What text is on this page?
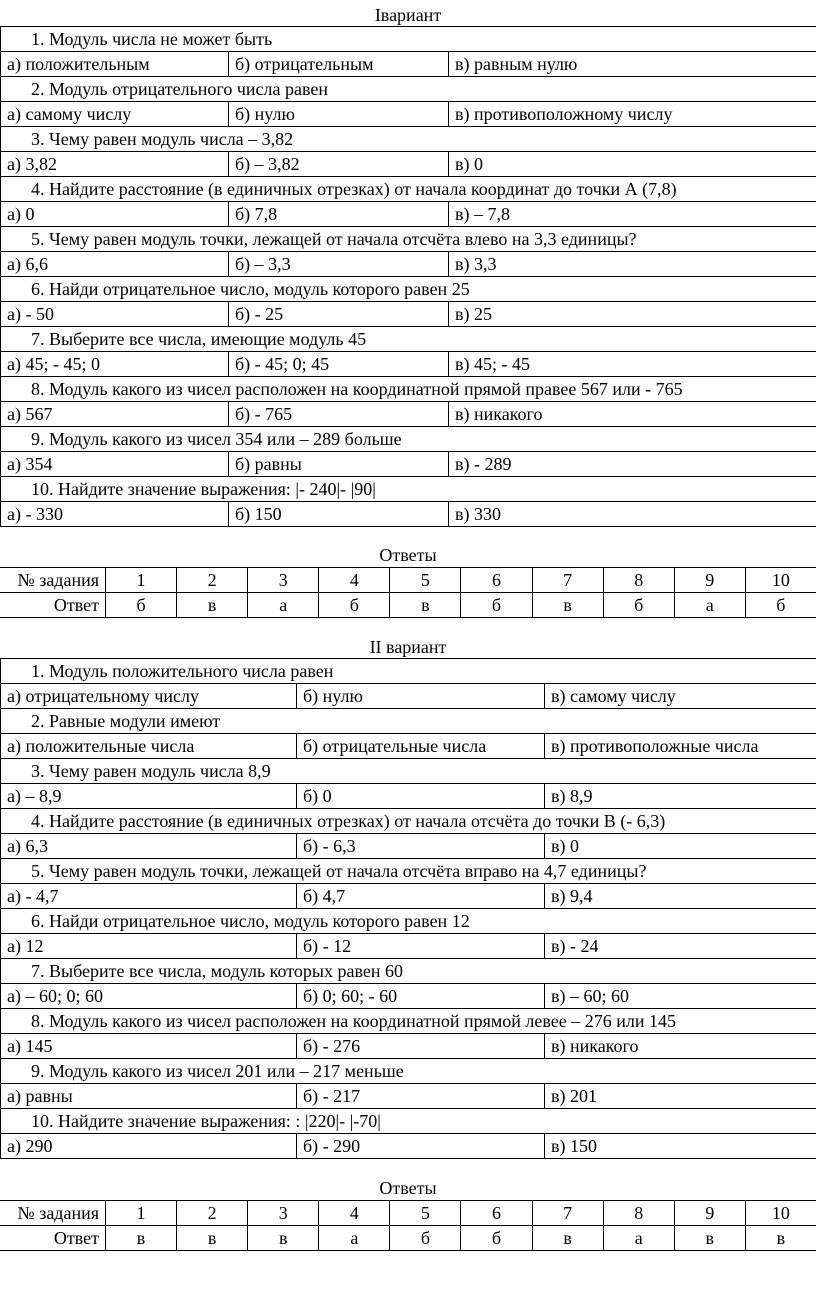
Iвариант
1. Модуль числа не может быть		
а) положительным	б) отрицательным	в) равным нулю
2. Модуль отрицательного числа равен		
а) самому числу	б) нулю	в) противоположному числу
3. Чему равен модуль числа – 3,82		
а) 3,82	б) – 3,82	в) 0
4. Найдите расстояние (в единичных отрезках) от начала координат до точки А (7,8)		
а) 0	б) 7,8	в) – 7,8
5. Чему равен модуль точки, лежащей от начала отсчёта влево на 3,3 единицы?		
а) 6,6	б) – 3,3	в) 3,3
6. Найди отрицательное число, модуль которого равен 25		
а) - 50	б) - 25	в) 25
7. Выберите все числа, имеющие модуль 45		
а) 45; - 45; 0	б) - 45; 0; 45	в) 45; - 45
8. Модуль какого из чисел расположен на координатной прямой правее 567 или - 765		
а) 567	б) - 765	в) никакого
9. Модуль какого из чисел 354 или – 289 больше		
а) 354	б) равны	в) - 289
10. Найдите значение выражения: |- 240|- |90|		
а) - 330	б) 150	в) 330
Ответы
№ задания	1	2	3	4	5	6	7	8	9	10
Ответ	б	в	а	б	в	б	в	б	а	б
II вариант
1. Модуль положительного числа равен		
а) отрицательному числу	б) нулю	в) самому числу
2. Равные модули имеют		
а) положительные числа	б) отрицательные числа	в) противоположные числа
3. Чему равен модуль числа 8,9		
а) – 8,9	б) 0	в) 8,9
4. Найдите расстояние (в единичных отрезках) от начала отсчёта до точки В (- 6,3)		
а) 6,3	б) - 6,3	в) 0
5. Чему равен модуль точки, лежащей от начала отсчёта вправо на 4,7 единицы?		
а) - 4,7	б) 4,7	в) 9,4
6. Найди отрицательное число, модуль которого равен 12		
а) 12	б) - 12	в) - 24
7. Выберите все числа, модуль которых равен 60		
а) – 60; 0; 60	б) 0; 60; - 60	в) – 60; 60
8. Модуль какого из чисел расположен на координатной прямой левее – 276 или 145		
а) 145	б) - 276	в) никакого
9. Модуль какого из чисел 201 или – 217 меньше		
а) равны	б) - 217	в) 201
10. Найдите значение выражения: : |220|- |-70|		
а) 290	б) - 290	в) 150
Ответы
№ задания	1	2	3	4	5	6	7	8	9	10
Ответ	в	в	в	а	б	б	в	а	в	в
